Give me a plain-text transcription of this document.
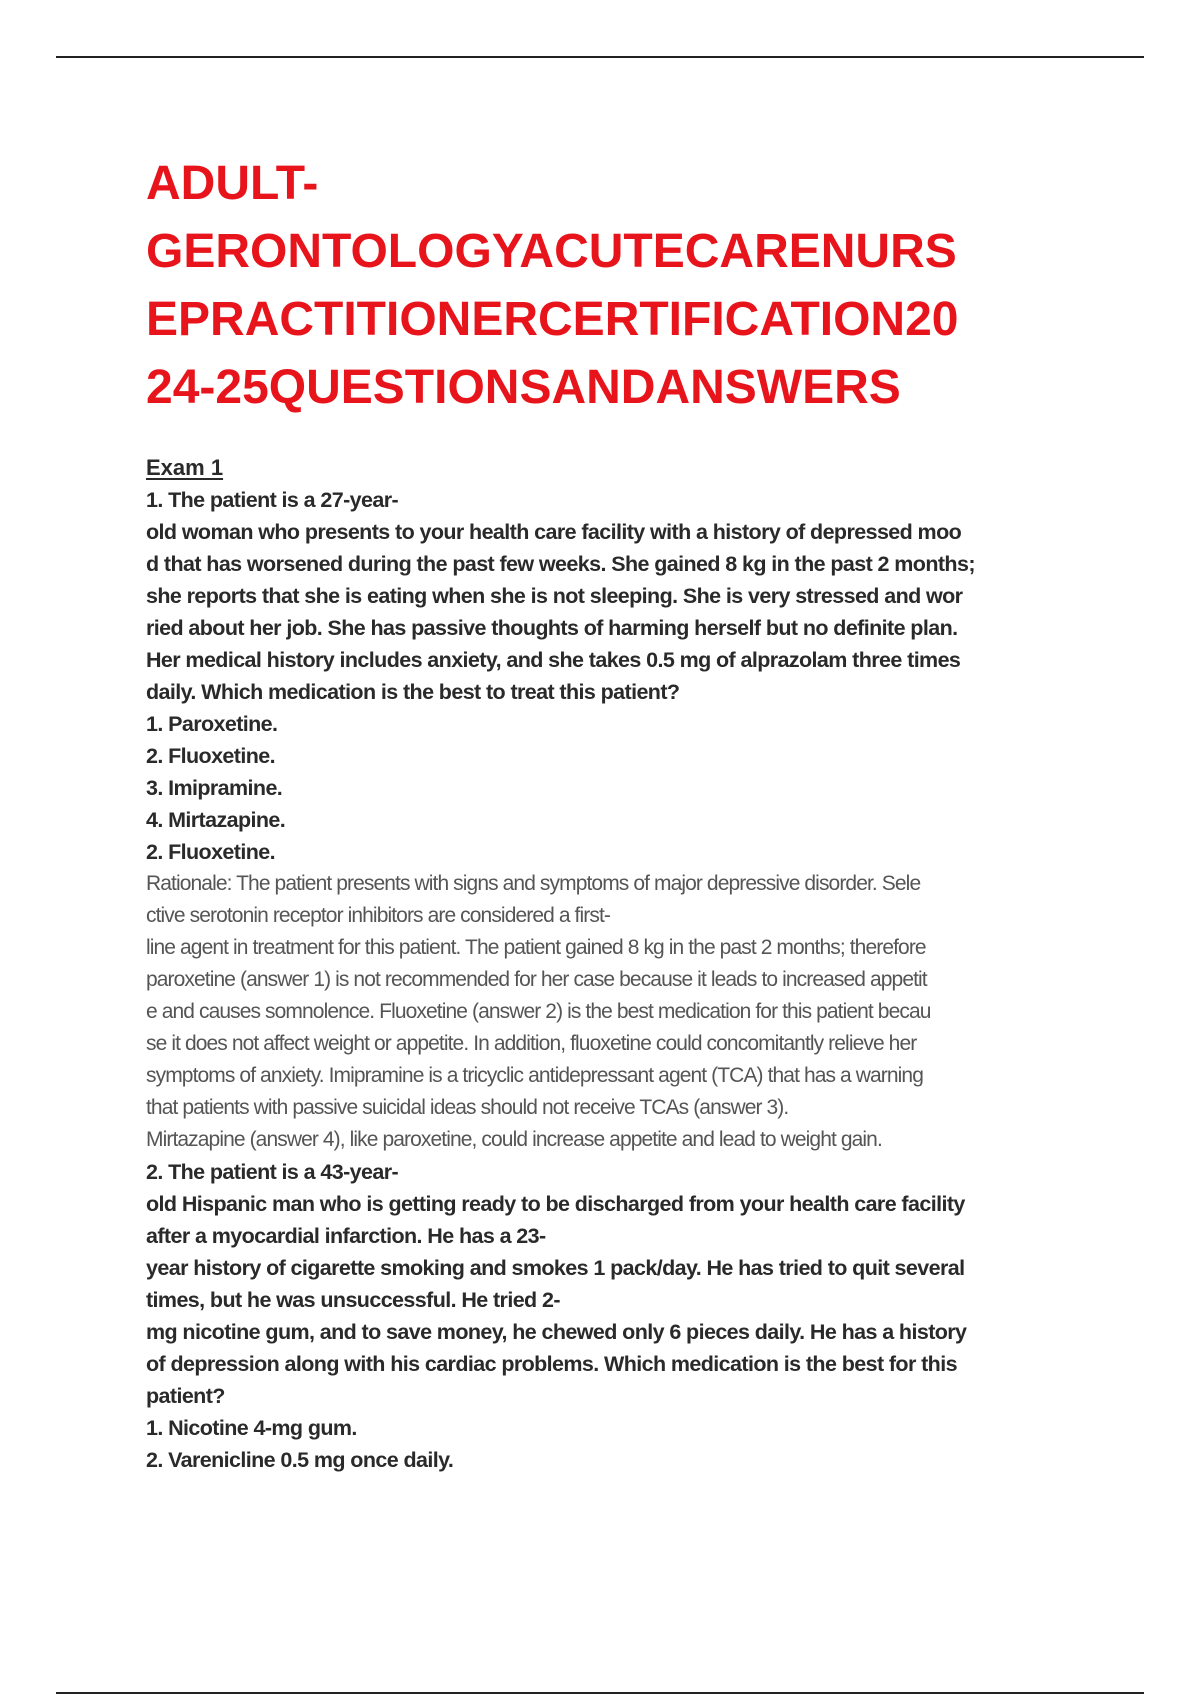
ADULT-
GERONTOLOGYACUTECARENURS
EPRACTITIONERCERTIFICATION20
24-25QUESTIONSANDANSWERS
Exam 1
1. The patient is a 27-year-
old woman who presents to your health care facility with a history of depressed moo
d that has worsened during the past few weeks. She gained 8 kg in the past 2 months;
she reports that she is eating when she is not sleeping. She is very stressed and wor
ried about her job. She has passive thoughts of harming herself but no definite plan.
Her medical history includes anxiety, and she takes 0.5 mg of alprazolam three times
daily. Which medication is the best to treat this patient?
1. Paroxetine.
2. Fluoxetine.
3. Imipramine.
4. Mirtazapine.
2. Fluoxetine.
Rationale: The patient presents with signs and symptoms of major depressive disorder. Sele
ctive serotonin receptor inhibitors are considered a first-
line agent in treatment for this patient. The patient gained 8 kg in the past 2 months; therefore
paroxetine (answer 1) is not recommended for her case because it leads to increased appetit
e and causes somnolence. Fluoxetine (answer 2) is the best medication for this patient becau
se it does not affect weight or appetite. In addition, fluoxetine could concomitantly relieve her
symptoms of anxiety. Imipramine is a tricyclic antidepressant agent (TCA) that has a warning
that patients with passive suicidal ideas should not receive TCAs (answer 3).
Mirtazapine (answer 4), like paroxetine, could increase appetite and lead to weight gain.
2. The patient is a 43-year-
old Hispanic man who is getting ready to be discharged from your health care facility
after a myocardial infarction. He has a 23-
year history of cigarette smoking and smokes 1 pack/day. He has tried to quit several
times, but he was unsuccessful. He tried 2-
mg nicotine gum, and to save money, he chewed only 6 pieces daily. He has a history
of depression along with his cardiac problems. Which medication is the best for this
patient?
1. Nicotine 4-mg gum.
2. Varenicline 0.5 mg once daily.
